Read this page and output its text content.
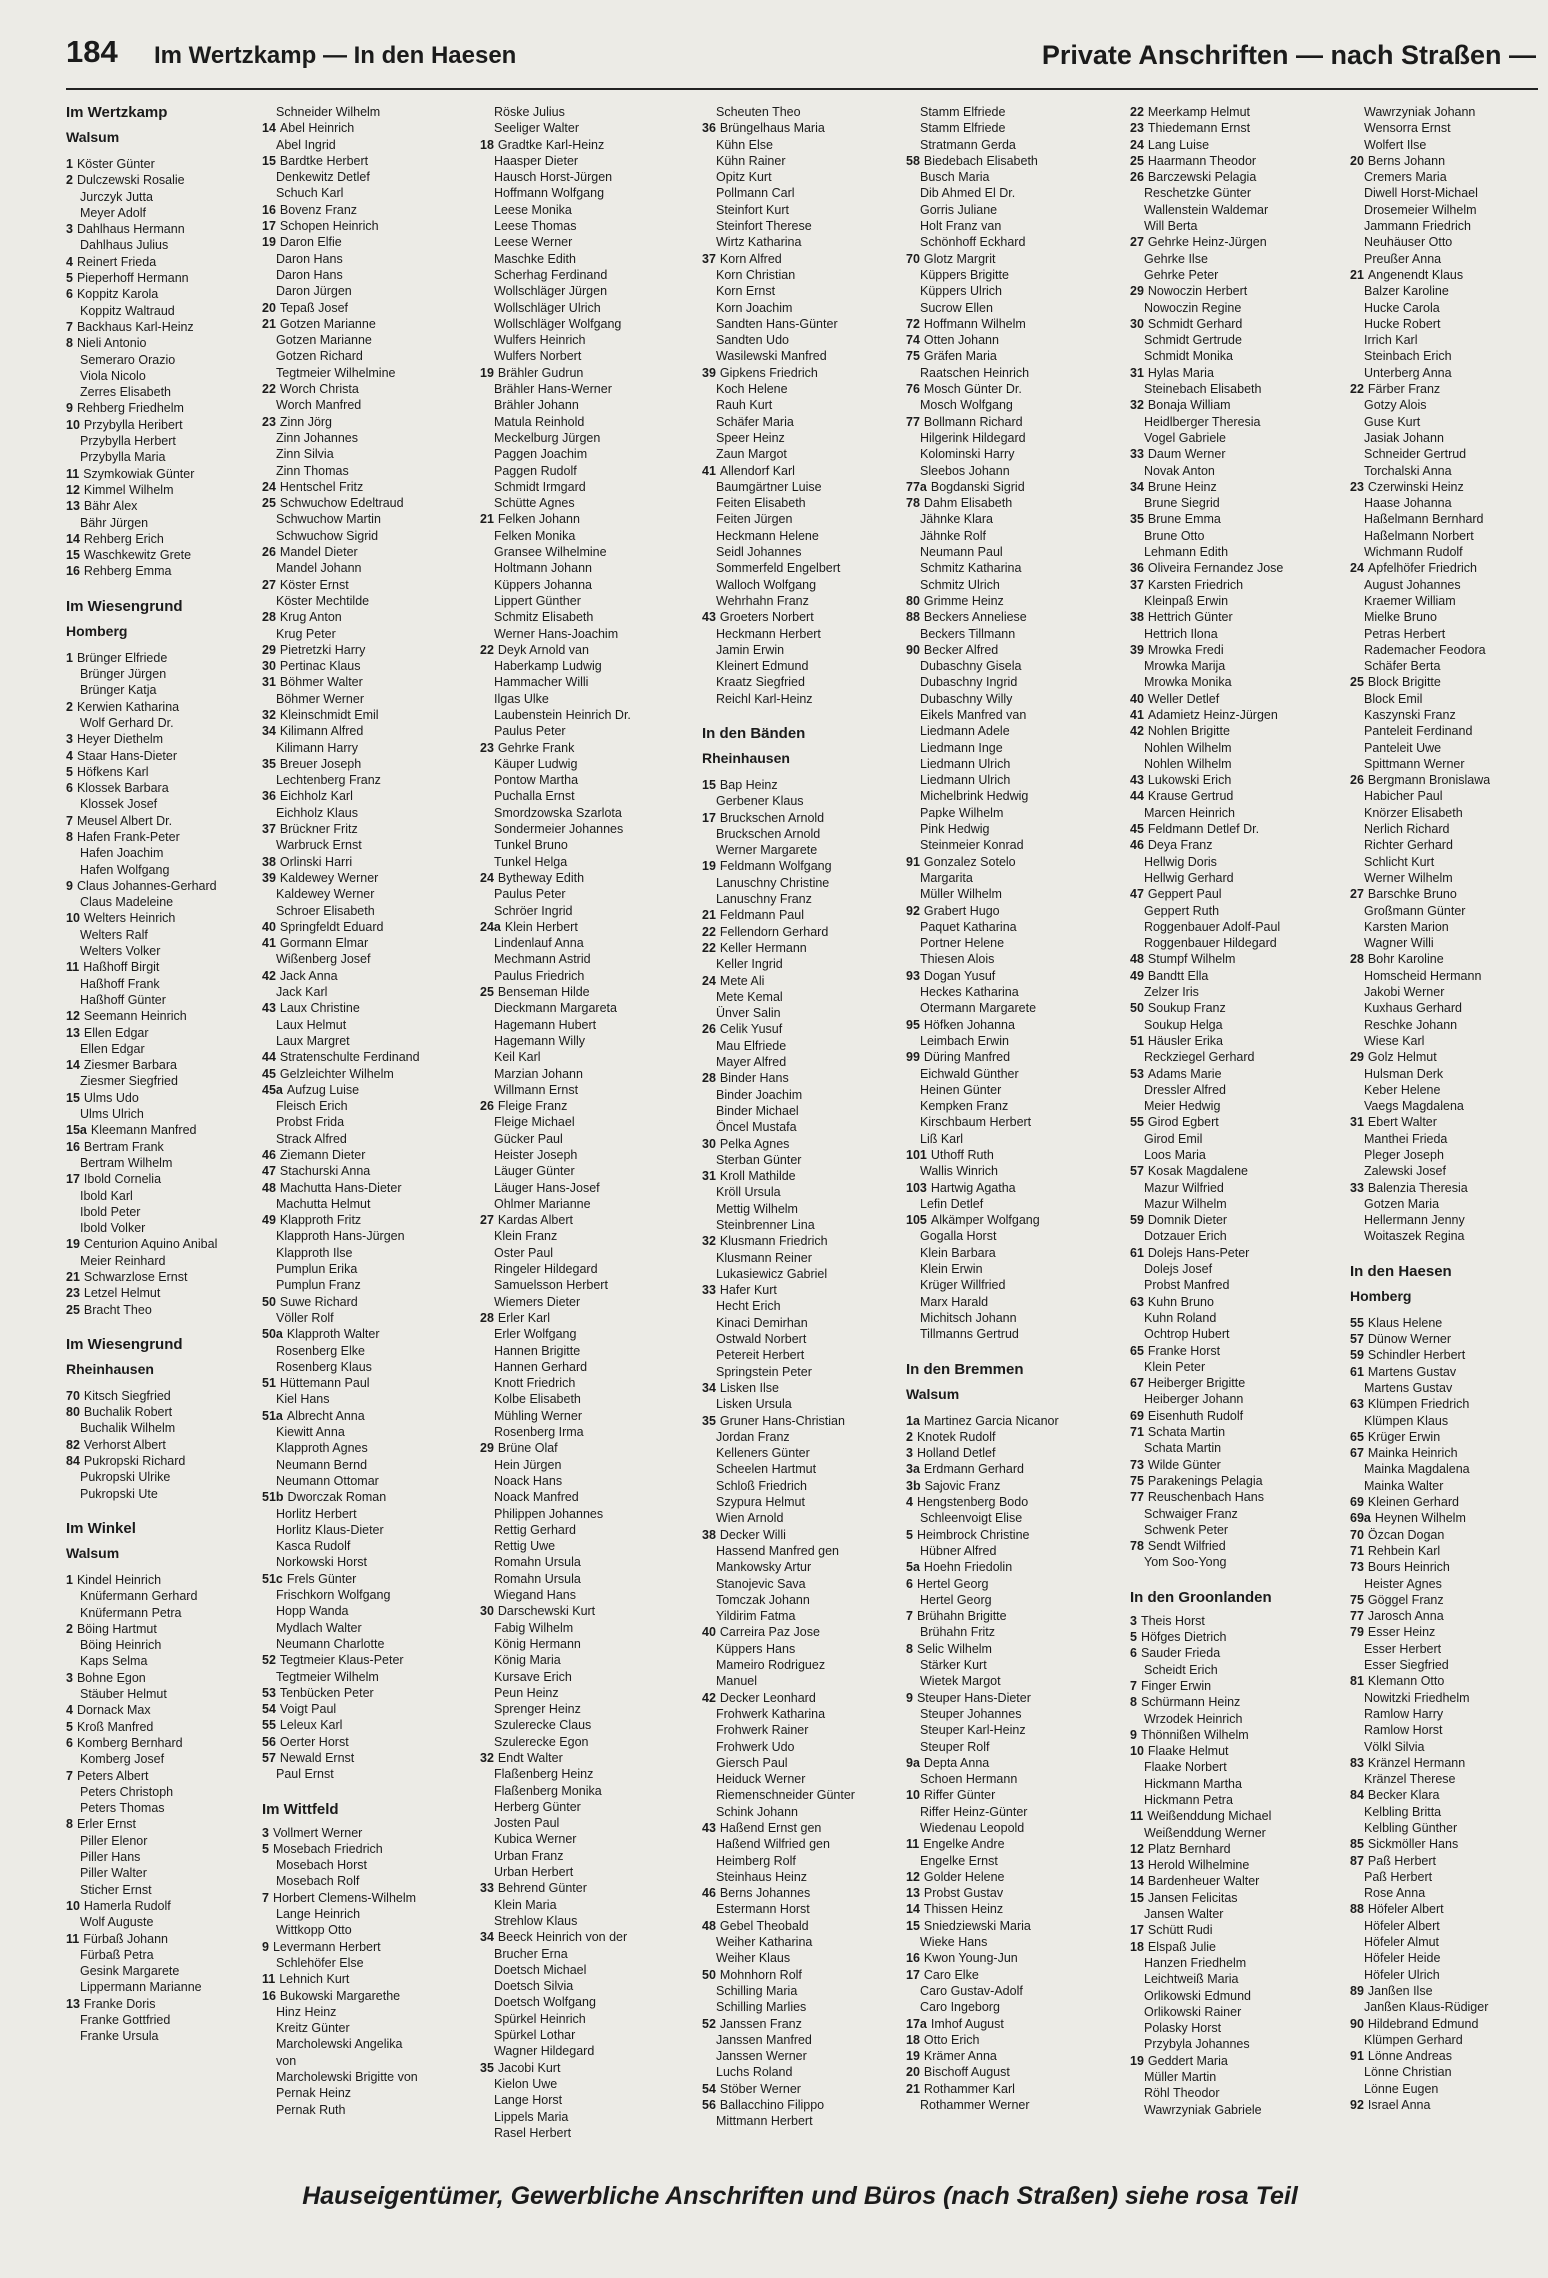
184 Im Wertzkamp — In den Haesen	Private Anschriften — nach Straßen —
Im Wertzkamp
Walsum
1 Köster Günter
2 Dulczewski Rosalie
Jurczyk Jutta
Meyer Adolf
3 Dahlhaus Hermann
Dahlhaus Julius
4 Reinert Frieda
5 Pieperhoff Hermann
6 Koppitz Karola
Koppitz Waltraud
7 Backhaus Karl-Heinz
8 Nieli Antonio
Semeraro Orazio
Viola Nicolo
Zerres Elisabeth
9 Rehberg Friedhelm
10 Przybylla Heribert
Przybylla Herbert
Przybylla Maria
11 Szymkowiak Günter
12 Kimmel Wilhelm
13 Bähr Alex
Bähr Jürgen
14 Rehberg Erich
15 Waschkewitz Grete
16 Rehberg Emma
Im Wiesengrund
Homberg
1 Brünger Elfriede
Brünger Jürgen
Brünger Katja
2 Kerwien Katharina
Wolf Gerhard Dr.
3 Heyer Diethelm
4 Staar Hans-Dieter
5 Höfkens Karl
6 Klossek Barbara
Klossek Josef
7 Meusel Albert Dr.
8 Hafen Frank-Peter
Hafen Joachim
Hafen Wolfgang
9 Claus Johannes-Gerhard
Claus Madeleine
10 Welters Heinrich
Welters Ralf
Welters Volker
11 Haßhoff Birgit
Haßhoff Frank
Haßhoff Günter
12 Seemann Heinrich
13 Ellen Edgar
Ellen Edgar
14 Ziesmer Barbara
Ziesmer Siegfried
15 Ulms Udo
Ulms Ulrich
15a Kleemann Manfred
16 Bertram Frank
Bertram Wilhelm
17 Ibold Cornelia
Ibold Karl
Ibold Peter
Ibold Volker
19 Centurion Aquino Anibal
Meier Reinhard
21 Schwarzlose Ernst
23 Letzel Helmut
25 Bracht Theo
Im Wiesengrund
Rheinhausen
70 Kitsch Siegfried
80 Buchalik Robert
Buchalik Wilhelm
82 Verhorst Albert
84 Pukropski Richard
Pukropski Ulrike
Pukropski Ute
Im Winkel
Walsum
1 Kindel Heinrich
Knüfermann Gerhard
Knüfermann Petra
2 Böing Hartmut
Böing Heinrich
Kaps Selma
3 Bohne Egon
Stäuber Helmut
4 Dornack Max
5 Kroß Manfred
6 Komberg Bernhard
Komberg Josef
7 Peters Albert
Peters Christoph
Peters Thomas
8 Erler Ernst
Piller Elenor
Piller Hans
Piller Walter
Sticher Ernst
10 Hamerla Rudolf
Wolf Auguste
11 Fürbaß Johann
Fürbaß Petra
Gesink Margarete
Lippermann Marianne
13 Franke Doris
Franke Gottfried
Franke Ursula
Schneider Wilhelm
14 Abel Heinrich
Abel Ingrid
15 Bardtke Herbert
Denkewitz Detlef
Schuch Karl
16 Bovenz Franz
17 Schopen Heinrich
19 Daron Elfie
Daron Hans
Daron Hans
Daron Jürgen
20 Tepaß Josef
21 Gotzen Marianne
Gotzen Marianne
Gotzen Richard
Tegtmeier Wilhelmine
22 Worch Christa
Worch Manfred
23 Zinn Jörg
Zinn Johannes
Zinn Silvia
Zinn Thomas
24 Hentschel Fritz
25 Schwuchow Edeltraud
Schwuchow Martin
Schwuchow Sigrid
26 Mandel Dieter
Mandel Johann
27 Köster Ernst
Köster Mechtilde
28 Krug Anton
Krug Peter
29 Pietretzki Harry
30 Pertinac Klaus
31 Böhmer Walter
Böhmer Werner
32 Kleinschmidt Emil
34 Kilimann Alfred
Kilimann Harry
35 Breuer Joseph
Lechtenberg Franz
36 Eichholz Karl
Eichholz Klaus
37 Brückner Fritz
Warbruck Ernst
38 Orlinski Harri
39 Kaldewey Werner
Kaldewey Werner
Schroer Elisabeth
40 Springfeldt Eduard
41 Gormann Elmar
Wißenberg Josef
42 Jack Anna
Jack Karl
43 Laux Christine
Laux Helmut
Laux Margret
44 Stratenschulte Ferdinand
45 Gelzleichter Wilhelm
45a Aufzug Luise
Fleisch Erich
Probst Frida
Strack Alfred
46 Ziemann Dieter
47 Stachurski Anna
48 Machutta Hans-Dieter
Machutta Helmut
49 Klapproth Fritz
Klapproth Hans-Jürgen
Klapproth Ilse
Pumplun Erika
Pumplun Franz
50 Suwe Richard
Völler Rolf
50a Klapproth Walter
Rosenberg Elke
Rosenberg Klaus
51 Hüttemann Paul
Kiel Hans
51a Albrecht Anna
Kiewitt Anna
Klapproth Agnes
Neumann Bernd
Neumann Ottomar
51b Dworczak Roman
Horlitz Herbert
Horlitz Klaus-Dieter
Kasca Rudolf
Norkowski Horst
51c Frels Günter
Frischkorn Wolfgang
Hopp Wanda
Mydlach Walter
Neumann Charlotte
52 Tegtmeier Klaus-Peter
Tegtmeier Wilhelm
53 Tenbücken Peter
54 Voigt Paul
55 Leleux Karl
56 Oerter Horst
57 Newald Ernst
Paul Ernst
Im Wittfeld
3 Vollmert Werner
5 Mosebach Friedrich
Mosebach Horst
Mosebach Rolf
7 Horbert Clemens-Wilhelm
Lange Heinrich
Wittkopp Otto
9 Levermann Herbert
Schlehöfer Else
11 Lehnich Kurt
16 Bukowski Margarethe
Hinz Heinz
Kreitz Günter
Marcholewski Angelika
von
Marcholewski Brigitte von
Pernak Heinz
Pernak Ruth
Röske Julius
Seeliger Walter
18 Gradtke Karl-Heinz
Haasper Dieter
Hausch Horst-Jürgen
Hoffmann Wolfgang
Leese Monika
Leese Thomas
Leese Werner
Maschke Edith
Scherhag Ferdinand
Wollschläger Jürgen
Wollschläger Ulrich
Wollschläger Wolfgang
Wulfers Heinrich
Wulfers Norbert
19 Brähler Gudrun
Brähler Hans-Werner
Brähler Johann
Matula Reinhold
Meckelburg Jürgen
Paggen Joachim
Paggen Rudolf
Schmidt Irmgard
Schütte Agnes
21 Felken Johann
Felken Monika
Gransee Wilhelmine
Holtmann Johann
Küppers Johanna
Lippert Günther
Schmitz Elisabeth
Werner Hans-Joachim
22 Deyk Arnold van
Haberkamp Ludwig
Hammacher Willi
Ilgas Ulke
Laubenstein Heinrich Dr.
Paulus Peter
23 Gehrke Frank
Käuper Ludwig
Pontow Martha
Puchalla Ernst
Smordzowska Szarlota
Sondermeier Johannes
Tunkel Bruno
Tunkel Helga
24 Bytheway Edith
Paulus Peter
Schröer Ingrid
24a Klein Herbert
Lindenlauf Anna
Mechmann Astrid
Paulus Friedrich
25 Benseman Hilde
Dieckmann Margareta
Hagemann Hubert
Hagemann Willy
Keil Karl
Marzian Johann
Willmann Ernst
26 Fleige Franz
Fleige Michael
Gücker Paul
Heister Joseph
Läuger Günter
Läuger Hans-Josef
Ohlmer Marianne
27 Kardas Albert
Klein Franz
Oster Paul
Ringeler Hildegard
Samuelsson Herbert
Wiemers Dieter
28 Erler Karl
Erler Wolfgang
Hannen Brigitte
Hannen Gerhard
Knott Friedrich
Kolbe Elisabeth
Mühling Werner
Rosenberg Irma
29 Brüne Olaf
Hein Jürgen
Noack Hans
Noack Manfred
Philippen Johannes
Rettig Gerhard
Rettig Uwe
Romahn Ursula
Romahn Ursula
Wiegand Hans
30 Darschewski Kurt
Fabig Wilhelm
König Hermann
König Maria
Kursave Erich
Peun Heinz
Sprenger Heinz
Szulerecke Claus
Szulerecke Egon
32 Endt Walter
Flaßenberg Heinz
Flaßenberg Monika
Herberg Günter
Josten Paul
Kubica Werner
Urban Franz
Urban Herbert
33 Behrend Günter
Klein Maria
Strehlow Klaus
34 Beeck Heinrich von der
Brucher Erna
Doetsch Michael
Doetsch Silvia
Doetsch Wolfgang
Spürkel Heinrich
Spürkel Lothar
Wagner Hildegard
35 Jacobi Kurt
Kielon Uwe
Lange Horst
Lippels Maria
Rasel Herbert
Scheuten Theo
36 Brüngelhaus Maria
Kühn Else
Kühn Rainer
Opitz Kurt
Pollmann Carl
Steinfort Kurt
Steinfort Therese
Wirtz Katharina
37 Korn Alfred
Korn Christian
Korn Ernst
Korn Joachim
Sandten Hans-Günter
Sandten Udo
Wasilewski Manfred
39 Gipkens Friedrich
Koch Helene
Rauh Kurt
Schäfer Maria
Speer Heinz
Zaun Margot
41 Allendorf Karl
Baumgärtner Luise
Feiten Elisabeth
Feiten Jürgen
Heckmann Helene
Seidl Johannes
Sommerfeld Engelbert
Walloch Wolfgang
Wehrhahn Franz
43 Groeters Norbert
Heckmann Herbert
Jamin Erwin
Kleinert Edmund
Kraatz Siegfried
Reichl Karl-Heinz
In den Bänden
Rheinhausen
15 Bap Heinz
Gerbener Klaus
17 Bruckschen Arnold
Bruckschen Arnold
Werner Margarete
19 Feldmann Wolfgang
Lanuschny Christine
Lanuschny Franz
21 Feldmann Paul
22 Fellendorn Gerhard
22 Keller Hermann
Keller Ingrid
24 Mete Ali
Mete Kemal
Ünver Salin
26 Celik Yusuf
Mau Elfriede
Mayer Alfred
28 Binder Hans
Binder Joachim
Binder Michael
Öncel Mustafa
30 Pelka Agnes
Sterban Günter
31 Kroll Mathilde
Kröll Ursula
Mettig Wilhelm
Steinbrenner Lina
32 Klusmann Friedrich
Klusmann Reiner
Lukasiewicz Gabriel
33 Hafer Kurt
Hecht Erich
Kinaci Demirhan
Ostwald Norbert
Petereit Herbert
Springstein Peter
34 Lisken Ilse
Lisken Ursula
35 Gruner Hans-Christian
Jordan Franz
Kelleners Günter
Scheelen Hartmut
Schloß Friedrich
Szypura Helmut
Wien Arnold
38 Decker Willi
Hassend Manfred gen
Mankowsky Artur
Stanojevic Sava
Tomczak Johann
Yildirim Fatma
40 Carreira Paz Jose
Küppers Hans
Mameiro Rodriguez
Manuel
42 Decker Leonhard
Frohwerk Katharina
Frohwerk Rainer
Frohwerk Udo
Giersch Paul
Heiduck Werner
Riemenschneider Günter
Schink Johann
43 Haßend Ernst gen
Haßend Wilfried gen
Heimberg Rolf
Steinhaus Heinz
46 Berns Johannes
Estermann Horst
48 Gebel Theobald
Weiher Katharina
Weiher Klaus
50 Mohnhorn Rolf
Schilling Maria
Schilling Marlies
52 Janssen Franz
Janssen Manfred
Janssen Werner
Luchs Roland
54 Stöber Werner
56 Ballacchino Filippo
Mittmann Herbert
Stamm Elfriede
Stamm Elfriede
Stratmann Gerda
58 Biedebach Elisabeth
Busch Maria
Dib Ahmed El Dr.
Gorris Juliane
Holt Franz van
Schönhoff Eckhard
70 Glotz Margrit
Küppers Brigitte
Küppers Ulrich
Sucrow Ellen
72 Hoffmann Wilhelm
74 Otten Johann
75 Gräfen Maria
Raatschen Heinrich
76 Mosch Günter Dr.
Mosch Wolfgang
77 Bollmann Richard
Hilgerink Hildegard
Kolominski Harry
Sleebos Johann
77a Bogdanski Sigrid
78 Dahm Elisabeth
Jähnke Klara
Jähnke Rolf
Neumann Paul
Schmitz Katharina
Schmitz Ulrich
80 Grimme Heinz
88 Beckers Anneliese
Beckers Tillmann
90 Becker Alfred
Dubaschny Gisela
Dubaschny Ingrid
Dubaschny Willy
Eikels Manfred van
Liedmann Adele
Liedmann Inge
Liedmann Ulrich
Liedmann Ulrich
Michelbrink Hedwig
Papke Wilhelm
Pink Hedwig
Steinmeier Konrad
91 Gonzalez Sotelo
Margarita
Müller Wilhelm
92 Grabert Hugo
Paquet Katharina
Portner Helene
Thiesen Alois
93 Dogan Yusuf
Heckes Katharina
Otermann Margarete
95 Höfken Johanna
Leimbach Erwin
99 Düring Manfred
Eichwald Günther
Heinen Günter
Kempken Franz
Kirschbaum Herbert
Liß Karl
101 Uthoff Ruth
Wallis Winrich
103 Hartwig Agatha
Lefin Detlef
105 Alkämper Wolfgang
Gogalla Horst
Klein Barbara
Klein Erwin
Krüger Willfried
Marx Harald
Michitsch Johann
Tillmanns Gertrud
In den Bremmen
Walsum
1a Martinez Garcia Nicanor
2 Knotek Rudolf
3 Holland Detlef
3a Erdmann Gerhard
3b Sajovic Franz
4 Hengstenberg Bodo
Schleenvoigt Elise
5 Heimbrock Christine
Hübner Alfred
5a Hoehn Friedolin
6 Hertel Georg
Hertel Georg
7 Brühahn Brigitte
Brühahn Fritz
8 Selic Wilhelm
Stärker Kurt
Wietek Margot
9 Steuper Hans-Dieter
Steuper Johannes
Steuper Karl-Heinz
Steuper Rolf
9a Depta Anna
Schoen Hermann
10 Riffer Günter
Riffer Heinz-Günter
Wiedenau Leopold
11 Engelke Andre
Engelke Ernst
12 Golder Helene
13 Probst Gustav
14 Thissen Heinz
15 Sniedziewski Maria
Wieke Hans
16 Kwon Young-Jun
17 Caro Elke
Caro Gustav-Adolf
Caro Ingeborg
17a Imhof August
18 Otto Erich
19 Krämer Anna
20 Bischoff August
21 Rothammer Karl
Rothammer Werner
22 Meerkamp Helmut
23 Thiedemann Ernst
24 Lang Luise
25 Haarmann Theodor
26 Barczewski Pelagia
Reschetzke Günter
Wallenstein Waldemar
Will Berta
27 Gehrke Heinz-Jürgen
Gehrke Ilse
Gehrke Peter
29 Nowoczin Herbert
Nowoczin Regine
30 Schmidt Gerhard
Schmidt Gertrude
Schmidt Monika
31 Hylas Maria
Steinebach Elisabeth
32 Bonaja William
Heidlberger Theresia
Vogel Gabriele
33 Daum Werner
Novak Anton
34 Brune Heinz
Brune Siegrid
35 Brune Emma
Brune Otto
Lehmann Edith
36 Oliveira Fernandez Jose
37 Karsten Friedrich
Kleinpaß Erwin
38 Hettrich Günter
Hettrich Ilona
39 Mrowka Fredi
Mrowka Marija
Mrowka Monika
40 Weller Detlef
41 Adamietz Heinz-Jürgen
42 Nohlen Brigitte
Nohlen Wilhelm
Nohlen Wilhelm
43 Lukowski Erich
44 Krause Gertrud
Marcen Heinrich
45 Feldmann Detlef Dr.
46 Deya Franz
Hellwig Doris
Hellwig Gerhard
47 Geppert Paul
Geppert Ruth
Roggenbauer Adolf-Paul
Roggenbauer Hildegard
48 Stumpf Wilhelm
49 Bandtt Ella
Zelzer Iris
50 Soukup Franz
Soukup Helga
51 Häusler Erika
Reckziegel Gerhard
53 Adams Marie
Dressler Alfred
Meier Hedwig
55 Girod Egbert
Girod Emil
Loos Maria
57 Kosak Magdalene
Mazur Wilfried
Mazur Wilhelm
59 Domnik Dieter
Dotzauer Erich
61 Dolejs Hans-Peter
Dolejs Josef
Probst Manfred
63 Kuhn Bruno
Kuhn Roland
Ochtrop Hubert
65 Franke Horst
Klein Peter
67 Heiberger Brigitte
Heiberger Johann
69 Eisenhuth Rudolf
71 Schata Martin
Schata Martin
73 Wilde Günter
75 Parakenings Pelagia
77 Reuschenbach Hans
Schwaiger Franz
Schwenk Peter
78 Sendt Wilfried
Yom Soo-Yong
In den Groonlanden
3 Theis Horst
5 Höfges Dietrich
6 Sauder Frieda
Scheidt Erich
7 Finger Erwin
8 Schürmann Heinz
Wrzodek Heinrich
9 Thönnißen Wilhelm
10 Flaake Helmut
Flaake Norbert
Hickmann Martha
Hickmann Petra
11 Weißenddung Michael
Weißenddung Werner
12 Platz Bernhard
13 Herold Wilhelmine
14 Bardenheuer Walter
15 Jansen Felicitas
Jansen Walter
17 Schütt Rudi
18 Elspaß Julie
Hanzen Friedhelm
Leichtweiß Maria
Orlikowski Edmund
Orlikowski Rainer
Polasky Horst
Przybyla Johannes
19 Geddert Maria
Müller Martin
Röhl Theodor
Wawrzyniak Gabriele
Wawrzyniak Johann
Wensorra Ernst
Wolfert Ilse
20 Berns Johann
Cremers Maria
Diwell Horst-Michael
Drosemeier Wilhelm
Jammann Friedrich
Neuhäuser Otto
Preußer Anna
21 Angenendt Klaus
Balzer Karoline
Hucke Carola
Hucke Robert
Irrich Karl
Steinbach Erich
Unterberg Anna
22 Färber Franz
Gotzy Alois
Guse Kurt
Jasiak Johann
Schneider Gertrud
Torchalski Anna
23 Czerwinski Heinz
Haase Johanna
Haßelmann Bernhard
Haßelmann Norbert
Wichmann Rudolf
24 Apfelhöfer Friedrich
August Johannes
Kraemer William
Mielke Bruno
Petras Herbert
Rademacher Feodora
Schäfer Berta
25 Block Brigitte
Block Emil
Kaszynski Franz
Panteleit Ferdinand
Panteleit Uwe
Spittmann Werner
26 Bergmann Bronislawa
Habicher Paul
Knörzer Elisabeth
Nerlich Richard
Richter Gerhard
Schlicht Kurt
Werner Wilhelm
27 Barschke Bruno
Großmann Günter
Karsten Marion
Wagner Willi
28 Bohr Karoline
Homscheid Hermann
Jakobi Werner
Kuxhaus Gerhard
Reschke Johann
Wiese Karl
29 Golz Helmut
Hulsman Derk
Keber Helene
Vaegs Magdalena
31 Ebert Walter
Manthei Frieda
Pleger Joseph
Zalewski Josef
33 Balenzia Theresia
Gotzen Maria
Hellermann Jenny
Woitaszek Regina
In den Haesen
Homberg
55 Klaus Helene
57 Dünow Werner
59 Schindler Herbert
61 Martens Gustav
Martens Gustav
63 Klümpen Friedrich
Klümpen Klaus
65 Krüger Erwin
67 Mainka Heinrich
Mainka Magdalena
Mainka Walter
69 Kleinen Gerhard
69a Heynen Wilhelm
70 Özcan Dogan
71 Rehbein Karl
73 Bours Heinrich
Heister Agnes
75 Göggel Franz
77 Jarosch Anna
79 Esser Heinz
Esser Herbert
Esser Siegfried
81 Klemann Otto
Nowitzki Friedhelm
Ramlow Harry
Ramlow Horst
Völkl Silvia
83 Kränzel Hermann
Kränzel Therese
84 Becker Klara
Kelbling Britta
Kelbling Günther
85 Sickmöller Hans
87 Paß Herbert
Paß Herbert
Rose Anna
88 Höfeler Albert
Höfeler Albert
Höfeler Almut
Höfeler Heide
Höfeler Ulrich
89 Janßen Ilse
Janßen Klaus-Rüdiger
90 Hildebrand Edmund
Klümpen Gerhard
91 Lönne Andreas
Lönne Christian
Lönne Eugen
92 Israel Anna
Hauseigentümer, Gewerbliche Anschriften und Büros (nach Straßen) siehe rosa Teil
